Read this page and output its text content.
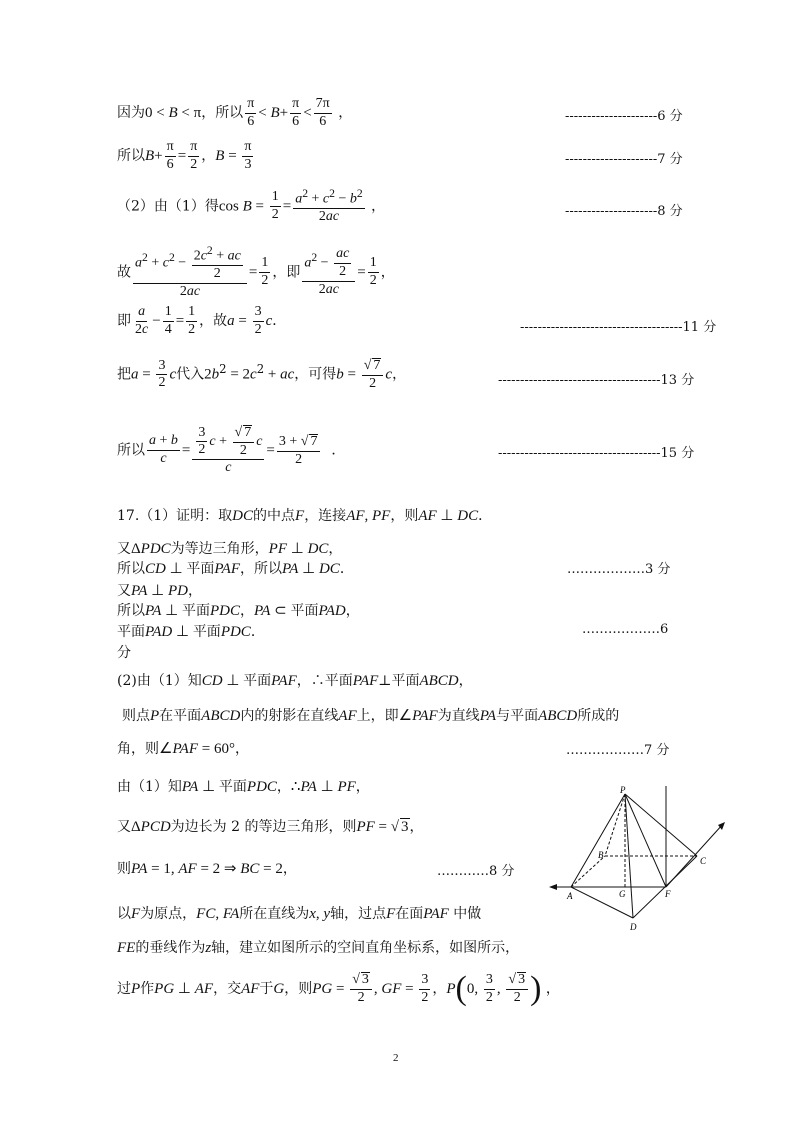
因为0 < B < π，所以 $\frac{\pi}{6} < B+ \frac{\pi}{6} < \frac{7\pi}{6}$ ，	---------------------6 分
所以$B+ \frac{\pi}{6} = \frac{\pi}{2}$ ，$B = \frac{\pi}{3}$	---------------------7 分
（2）由（1）得$\cos B = \frac{1}{2} = \frac{a^2 + c^2 - b^2}{2ac}$ ，	---------------------8 分
故 $\frac{a^2 + c^2 - \frac{2c^2 + ac}{2}}{2ac} = \frac{1}{2}$ ，即 $\frac{a^2 - \frac{ac}{2}}{2ac} = \frac{1}{2}$ ，
即 $\frac{a}{2c} - \frac{1}{4} = \frac{1}{2}$ ，故$a = \frac{3}{2}$ c．	-------------------------------------11 分
把$a = \frac{3}{2}$ c代入$2b^2 = 2c^2$ + ac，可得$b = \frac{√ 7}{2}$ c，	-------------------------------------13 分
所以 $\frac{a + b}{c} = \frac{\frac{3}{2} c + \frac{√ 7}{2} c}{c} = \frac{3 + √ 7}{2}$ ．	-------------------------------------15 分
17.（1）证明：取DC的中点F，连接AF, PF，则AF ⊥ DC．
又ΔPDC为等边三角形，PF ⊥ DC，
所以CD ⊥ 平面PAF，所以PA ⊥ DC．	………………3 分
又PA ⊥ PD，
所以PA ⊥ 平面PDC，PA ⊂ 平面PAD，
平面PAD ⊥ 平面PDC．	………………6
分
(2)由（1）知CD ⊥ 平面PAF，∴平面PAF⊥平面ABCD，
则点P在平面ABCD内的射影在直线AF上，即∠PAF为直线PA与平面ABCD所成的
角，则∠PAF = 60°，	………………7 分
由（1）知PA ⊥ 平面PDC，∴PA ⊥ PF，
又ΔPCD为边长为 2 的等边三角形，则PF = √ 3，
则PA = 1, AF = 2 ⇒ BC = 2，	…………8 分
以F为原点，FC, FA所在直线为x, y轴，过点F在面PAF 中做
FE的垂线作为z轴，建立如图所示的空间直角坐标系，如图所示，
过P作PG ⊥ AF，交AF于G，则PG = $\frac{√ 3}{2}$ , GF = $\frac{3}{2}$ ，P(0, $\frac{3}{2}$ , $\frac{√ 3}{2}$ ) ，
P
B
C
A	G	F
D
2
